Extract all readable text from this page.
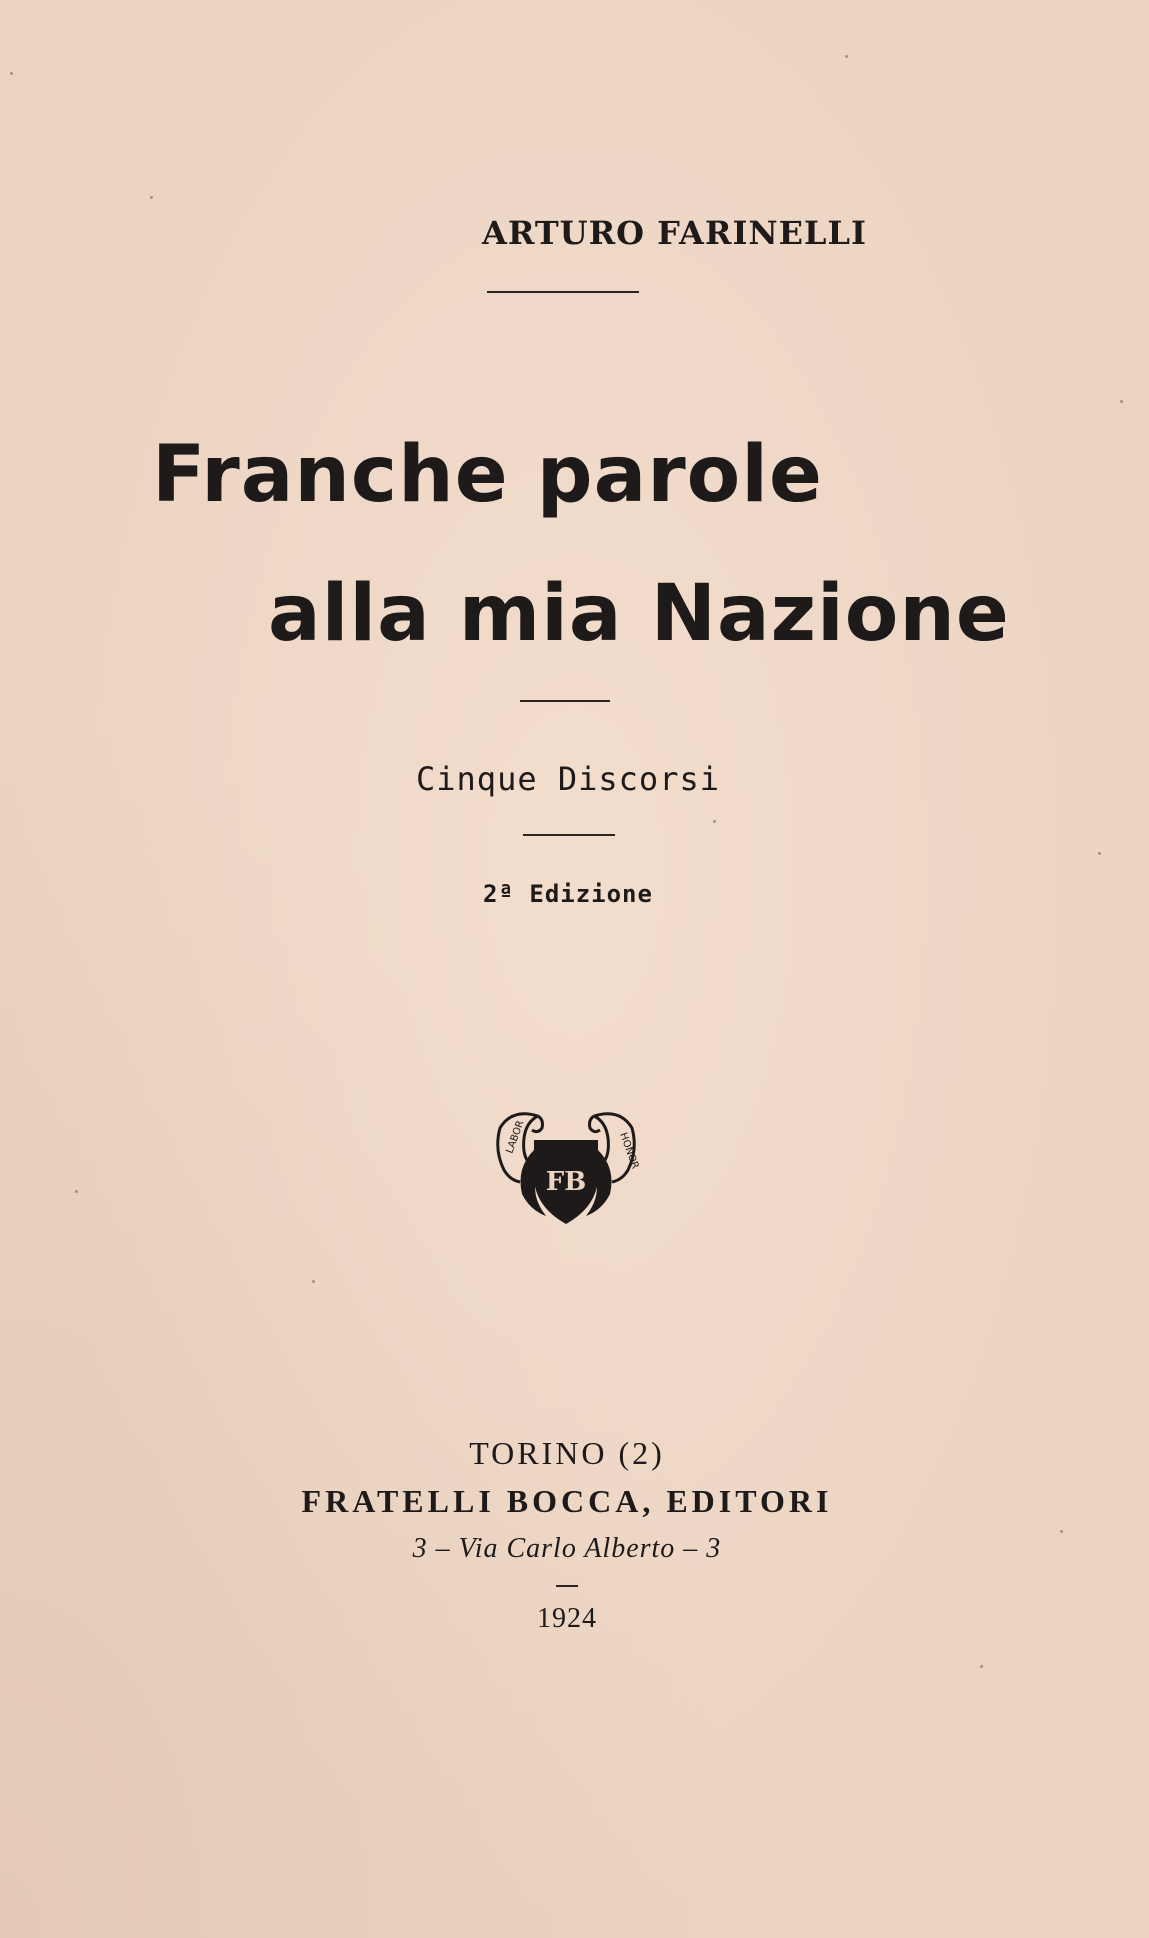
ARTURO FARINELLI
Franche parole
alla mia Nazione
Cinque Discorsi
2ª Edizione
FB
LABOR	HONOR
TORINO (2)
FRATELLI BOCCA, EDITORI
3 – Via Carlo Alberto – 3
1924
